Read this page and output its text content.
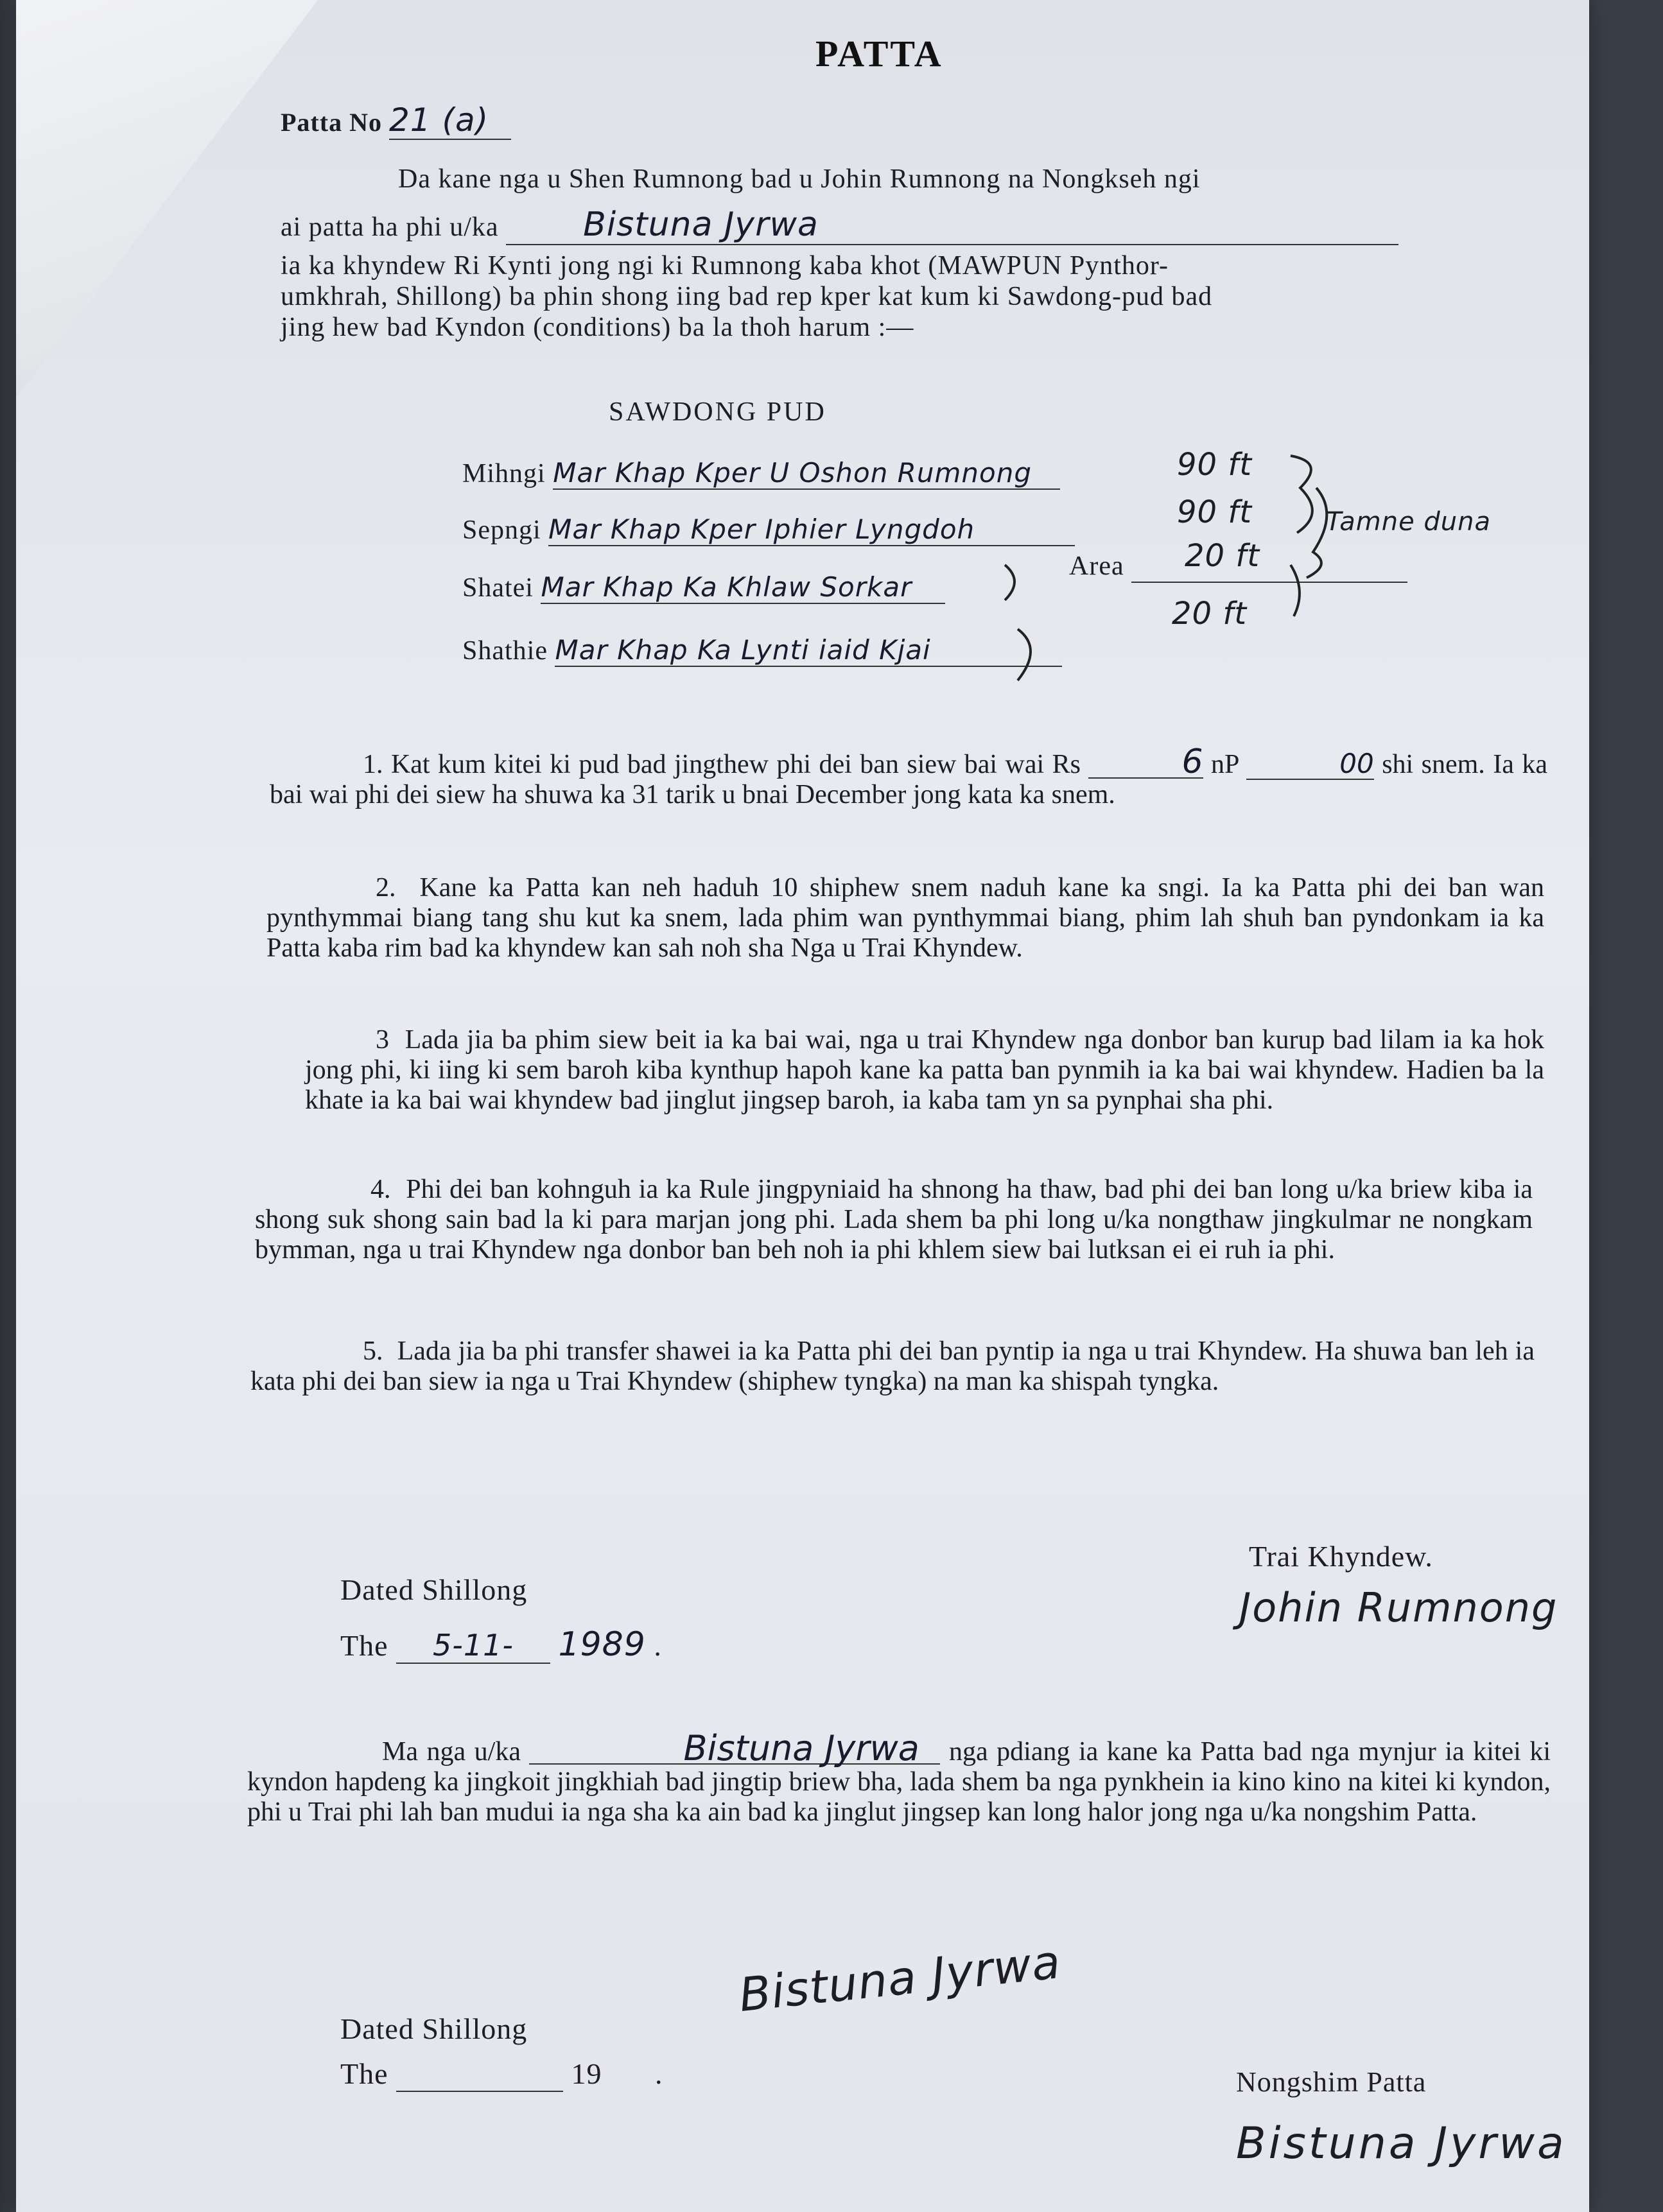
PATTA
Patta No 21 (a)
Da kane nga u Shen Rumnong bad u Johin Rumnong na Nongkseh ngi
ai patta ha phi u/ka	Bistuna Jyrwa
ia ka khyndew Ri Kynti jong ngi ki Rumnong kaba khot (MAWPUN Pynthor-
umkhrah, Shillong) ba phin shong iing bad rep kper kat kum ki Sawdong-pud bad
jing hew bad Kyndon (conditions) ba la thoh harum :—
SAWDONG PUD
Mihngi Mar Khap Kper U Oshon Rumnong	90 ft
Sepngi Mar Khap Kper Iphier Lyngdoh	90 ft	Tamne duna
Area	20 ft
Shatei Mar Khap Ka Khlaw Sorkar
Shathie Mar Khap Ka Lynti iaid Kjai
20 ft

1. Kat kum kitei ki pud bad jingthew phi dei ban siew bai wai Rs	6 nP	00 shi snem. Ia ka bai wai phi dei siew ha shuwa ka 31 tarik u bnai December jong kata ka snem.

2. Kane ka Patta kan neh haduh 10 shiphew snem naduh kane ka sngi. Ia ka Patta phi dei ban wan pynthymmai biang tang shu kut ka snem, lada phim wan pynthymmai biang, phim lah shuh ban pyndonkam ia ka Patta kaba rim bad ka khyndew kan sah noh sha Nga u Trai Khyndew.

3 Lada jia ba phim siew beit ia ka bai wai, nga u trai Khyndew nga donbor ban kurup bad lilam ia ka hok jong phi, ki iing ki sem baroh kiba kynthup hapoh kane ka patta ban pynmih ia ka bai wai khyndew. Hadien ba la khate ia ka bai wai khyndew bad jinglut jingsep baroh, ia kaba tam yn sa pynphai sha phi.

4. Phi dei ban kohnguh ia ka Rule jingpyniaid ha shnong ha thaw, bad phi dei ban long u/ka briew kiba ia shong suk shong sain bad la ki para marjan jong phi. Lada shem ba phi long u/ka nongthaw jingkulmar ne nongkam bymman, nga u trai Khyndew nga donbor ban beh noh ia phi khlem siew bai lutksan ei ei ruh ia phi.

5. Lada jia ba phi transfer shawei ia ka Patta phi dei ban pyntip ia nga u trai Khyndew. Ha shuwa ban leh ia kata phi dei ban siew ia nga u Trai Khyndew (shiphew tyngka) na man ka shispah tyngka.

Dated Shillong
The 5-11- 1989 .
Trai Khyndew.
Johin Rumnong

Ma nga u/ka	Bistuna Jyrwa nga pdiang ia kane ka Patta bad nga mynjur ia kitei ki kyndon hapdeng ka jingkoit jingkhiah bad jingtip briew bha, lada shem ba nga pynkhein ia kino kino na kitei ki kyndon, phi u Trai phi lah ban mudui ia nga sha ka ain bad ka jinglut jingsep kan long halor jong nga u/ka nongshim Patta.

Bistuna Jyrwa
Dated Shillong
The	19 .	Nongshim Patta
Bistuna Jyrwa
